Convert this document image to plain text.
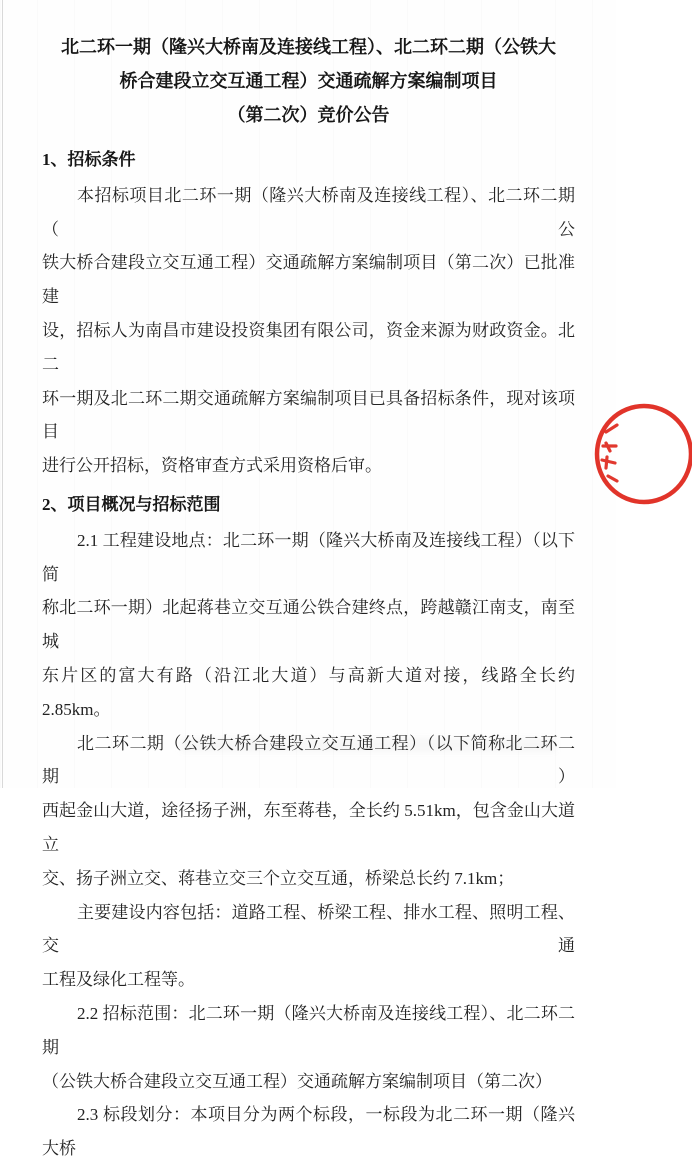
北二环一期（隆兴大桥南及连接线工程）、北二环二期（公铁大
桥合建段立交互通工程）交通疏解方案编制项目
（第二次）竞价公告
1、招标条件
本招标项目北二环一期（隆兴大桥南及连接线工程）、北二环二期（公
铁大桥合建段立交互通工程）交通疏解方案编制项目（第二次）已批准建
设，招标人为南昌市建设投资集团有限公司，资金来源为财政资金。北二
环一期及北二环二期交通疏解方案编制项目已具备招标条件，现对该项目
进行公开招标，资格审查方式采用资格后审。
2、项目概况与招标范围
2.1 工程建设地点：北二环一期（隆兴大桥南及连接线工程）（以下简
称北二环一期）北起蒋巷立交互通公铁合建终点，跨越赣江南支，南至城
东片区的富大有路（沿江北大道）与高新大道对接，线路全长约 2.85km。
北二环二期（公铁大桥合建段立交互通工程）（以下简称北二环二期）
西起金山大道，途径扬子洲，东至蒋巷，全长约 5.51km，包含金山大道立
交、扬子洲立交、蒋巷立交三个立交互通，桥梁总长约 7.1km；
主要建设内容包括：道路工程、桥梁工程、排水工程、照明工程、交通
工程及绿化工程等。
2.2 招标范围：北二环一期（隆兴大桥南及连接线工程）、北二环二期
（公铁大桥合建段立交互通工程）交通疏解方案编制项目（第二次）
2.3 标段划分：本项目分为两个标段，一标段为北二环一期（隆兴大桥
